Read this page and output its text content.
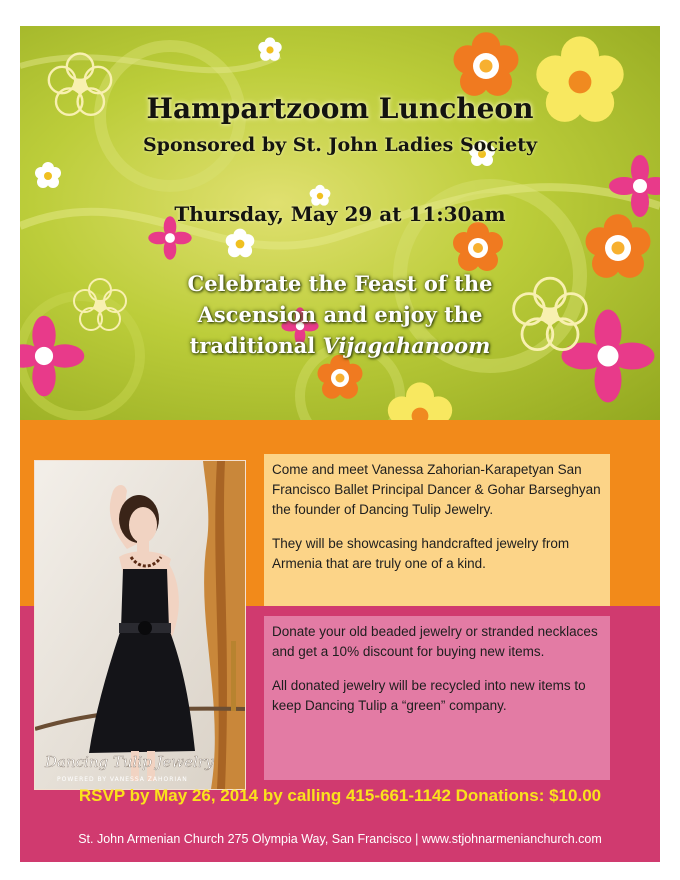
Hampartzoom Luncheon

Sponsored by St. John Ladies Society

Thursday, May 29 at 11:30am

Celebrate the Feast of the
Ascension and enjoy the
traditional Vijagahanoom

Dancing Tulip Jewelry
POWERED BY VANESSA ZAHORIAN

Come and meet Vanessa Zahorian-Karapetyan San Francisco Ballet Principal Dancer & Gohar Barseghyan the founder of Dancing Tulip Jewelry.

They will be showcasing handcrafted jewelry from Armenia that are truly one of a kind.

Donate your old beaded jewelry or stranded necklaces and get a 10% discount for buying new items.

All donated jewelry will be recycled into new items to keep Dancing Tulip a “green” company.

RSVP by May 26, 2014 by calling 415-661-1142 Donations: $10.00

St. John Armenian Church 275 Olympia Way, San Francisco | www.stjohnarmenianchurch.com
